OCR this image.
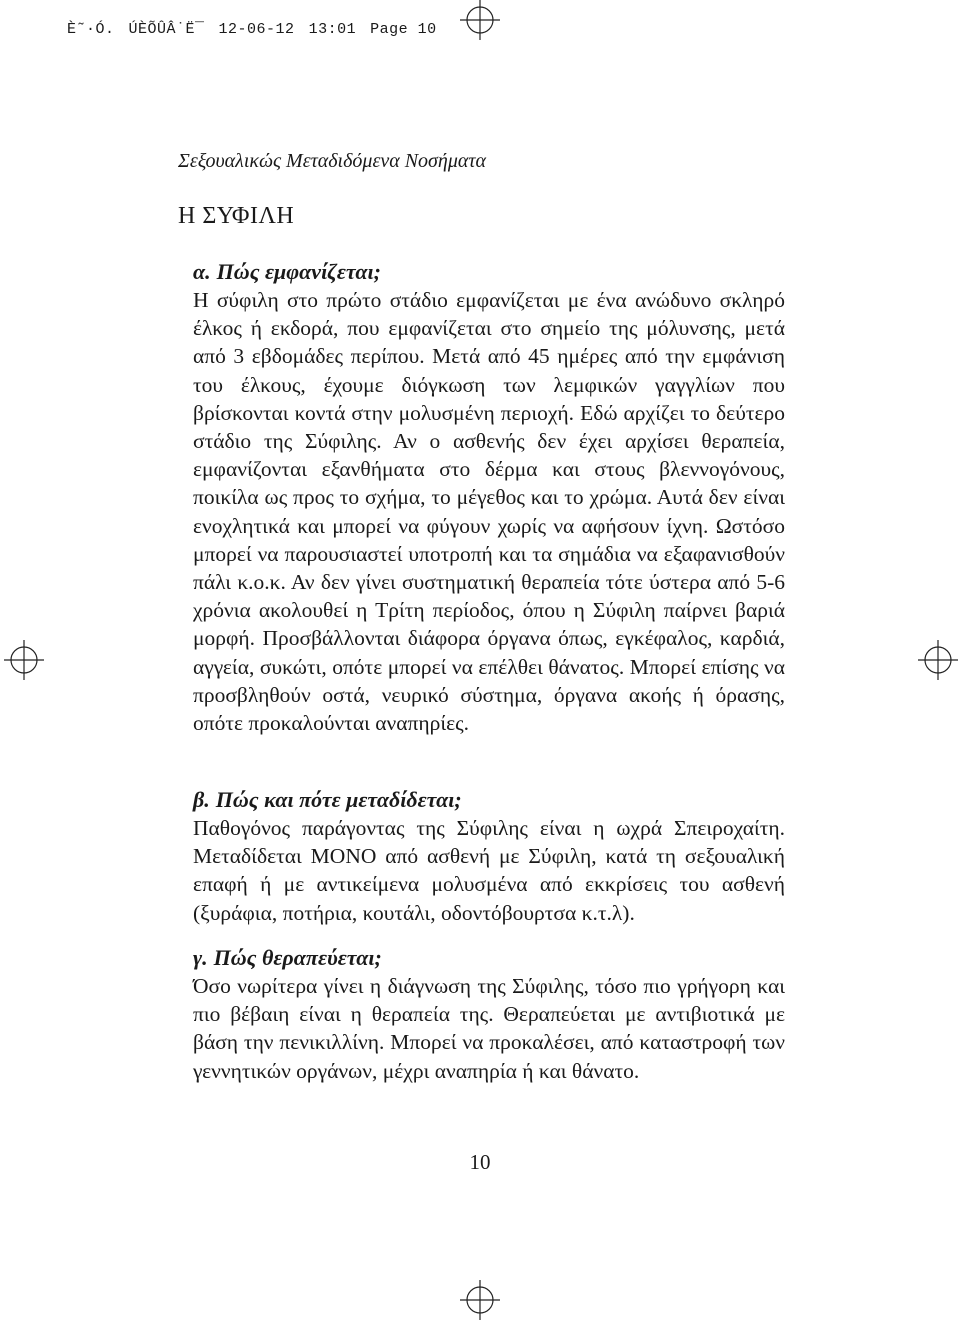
È˜·Ó. ÚÈÕÛÂ˙Ë¯ 12-06-12 13:01 Page 10

Σεξουαλικώς Μεταδιδόμενα Νοσήματα
Η ΣΥΦΙΛΗ
α. Πώς εμφανίζεται;
Η σύφιλη στο πρώτο στάδιο εμφανίζεται με ένα ανώδυνο σκληρό έλκος ή εκδορά, που εμφανίζεται στο σημείο της μόλυνσης, μετά από 3 εβδομάδες περίπου. Μετά από 45 ημέρες από την εμφάνιση του έλκους, έχουμε διόγκωση των λεμφικών γαγγλίων που βρίσκονται κοντά στην μολυσμένη περιοχή. Εδώ αρχίζει το δεύτερο στάδιο της Σύφιλης. Αν ο ασθενής δεν έχει αρχίσει θεραπεία, εμφανίζονται εξανθήματα στο δέρμα και στους βλεννογόνους, ποικίλα ως προς το σχήμα, το μέγεθος και το χρώμα. Αυτά δεν είναι ενοχλητικά και μπορεί να φύγουν χωρίς να αφήσουν ίχνη. Ωστόσο μπορεί να παρουσιαστεί υποτροπή και τα σημάδια να εξαφανισθούν πάλι κ.ο.κ. Αν δεν γίνει συστηματική θεραπεία τότε ύστερα από 5-6 χρόνια ακολουθεί η Τρίτη περίοδος, όπου η Σύφιλη παίρνει βαριά μορφή. Προσβάλλονται διάφορα όργανα όπως, εγκέφαλος, καρδιά, αγγεία, συκώτι, οπότε μπορεί να επέλθει θάνατος. Μπορεί επίσης να προσβληθούν οστά, νευρικό σύστημα, όργανα ακοής ή όρασης, οπότε προκαλούνται αναπηρίες.
β. Πώς και πότε μεταδίδεται;
Παθογόνος παράγοντας της Σύφιλης είναι η ωχρά Σπειροχαίτη. Μεταδίδεται ΜΟΝΟ από ασθενή με Σύφιλη, κατά τη σεξουαλική επαφή ή με αντικείμενα μολυσμένα από εκκρίσεις του ασθενή (ξυράφια, ποτήρια, κουτάλι, οδοντόβουρτσα κ.τ.λ).
γ. Πώς θεραπεύεται;
Όσο νωρίτερα γίνει η διάγνωση της Σύφιλης, τόσο πιο γρήγορη και πιο βέβαιη είναι η θεραπεία της. Θεραπεύεται με αντιβιοτικά με βάση την πενικιλλίνη. Μπορεί να προκαλέσει, από καταστροφή των γεννητικών οργάνων, μέχρι αναπηρία ή και θάνατο.
10
